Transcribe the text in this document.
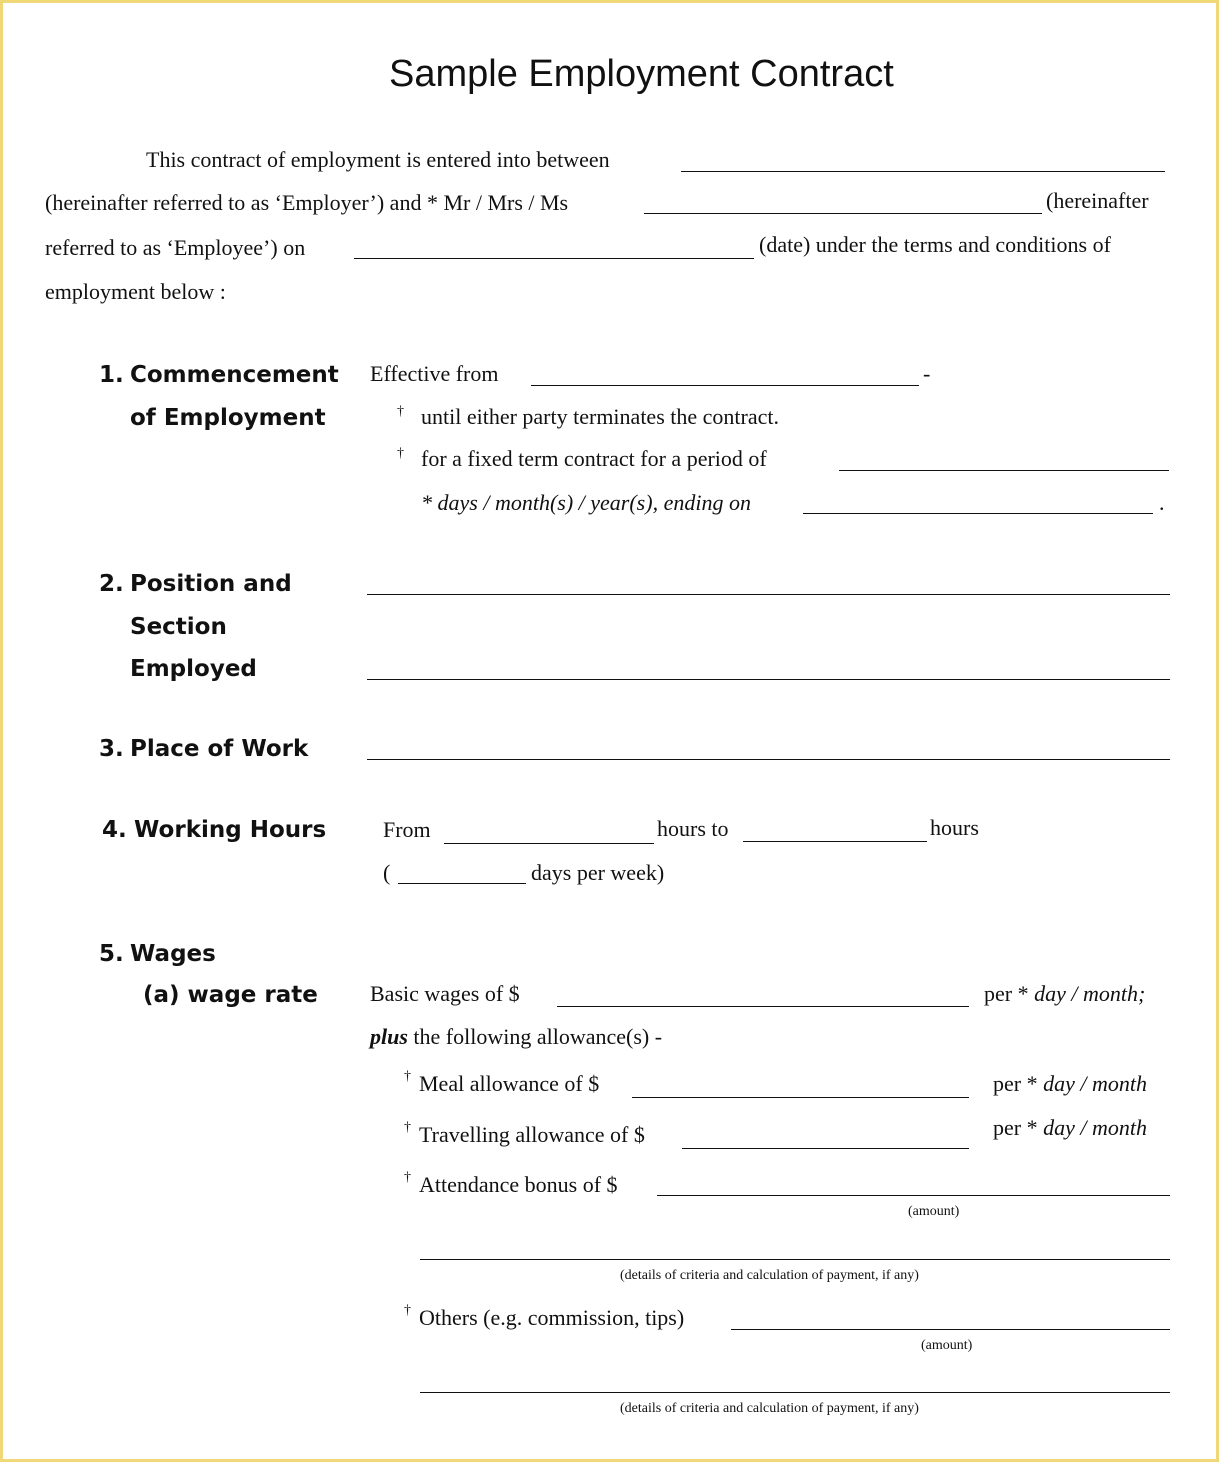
Sample Employment Contract
This contract of employment is entered into between
(hereinafter referred to as ‘Employer’) and * Mr / Mrs / Ms	(hereinafter
referred to as ‘Employee’) on	(date) under the terms and conditions of
employment below :
1. Commencement
of Employment
Effective from	-
† until either party terminates the contract.
† for a fixed term contract for a period of
* days / month(s) / year(s), ending on	.
2. Position and
Section
Employed
3. Place of Work
4. Working Hours	From	hours to	hours
(	days per week)
5. Wages
(a) wage rate Basic wages of $	per * day / month;
plus the following allowance(s) -
† Meal allowance of $	per * day / month
† Travelling allowance of $	per * day / month
† Attendance bonus of $
(amount)
(details of criteria and calculation of payment, if any)
† Others (e.g. commission, tips)
(amount)
(details of criteria and calculation of payment, if any)
